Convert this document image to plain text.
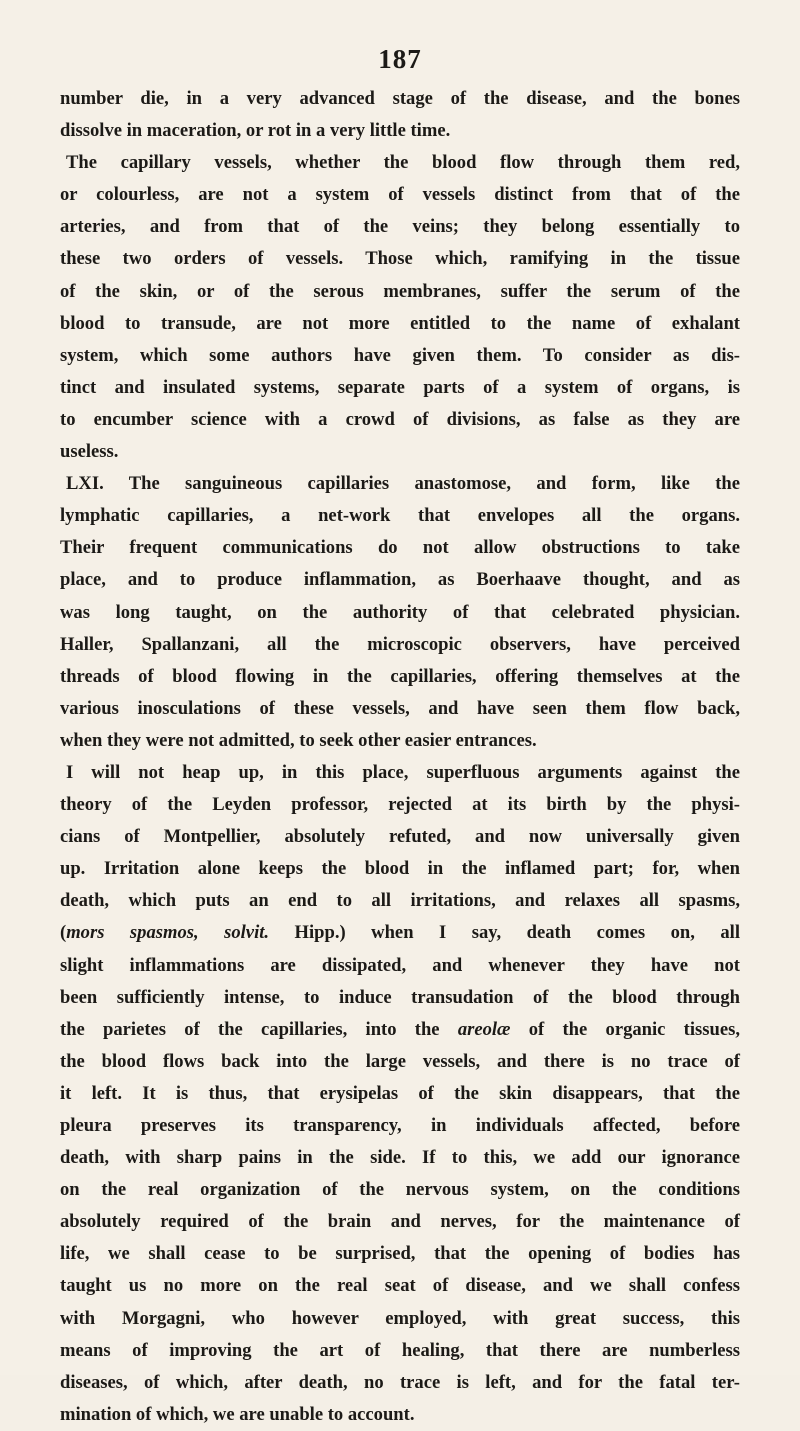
187
number die, in a very advanced stage of the disease, and the bones
dissolve in maceration, or rot in a very little time.
The capillary vessels, whether the blood flow through them red,
or colourless, are not a system of vessels distinct from that of the
arteries, and from that of the veins; they belong essentially to
these two orders of vessels. Those which, ramifying in the tissue
of the skin, or of the serous membranes, suffer the serum of the
blood to transude, are not more entitled to the name of exhalant
system, which some authors have given them. To consider as dis-
tinct and insulated systems, separate parts of a system of organs, is
to encumber science with a crowd of divisions, as false as they are
useless.
LXI. The sanguineous capillaries anastomose, and form, like the
lymphatic capillaries, a net-work that envelopes all the organs.
Their frequent communications do not allow obstructions to take
place, and to produce inflammation, as Boerhaave thought, and as
was long taught, on the authority of that celebrated physician.
Haller, Spallanzani, all the microscopic observers, have perceived
threads of blood flowing in the capillaries, offering themselves at the
various inosculations of these vessels, and have seen them flow back,
when they were not admitted, to seek other easier entrances.
I will not heap up, in this place, superfluous arguments against the
theory of the Leyden professor, rejected at its birth by the physi-
cians of Montpellier, absolutely refuted, and now universally given
up. Irritation alone keeps the blood in the inflamed part; for, when
death, which puts an end to all irritations, and relaxes all spasms,
(mors spasmos, solvit. Hipp.) when I say, death comes on, all
slight inflammations are dissipated, and whenever they have not
been sufficiently intense, to induce transudation of the blood through
the parietes of the capillaries, into the areolæ of the organic tissues,
the blood flows back into the large vessels, and there is no trace of
it left. It is thus, that erysipelas of the skin disappears, that the
pleura preserves its transparency, in individuals affected, before
death, with sharp pains in the side. If to this, we add our ignorance
on the real organization of the nervous system, on the conditions
absolutely required of the brain and nerves, for the maintenance of
life, we shall cease to be surprised, that the opening of bodies has
taught us no more on the real seat of disease, and we shall confess
with Morgagni, who however employed, with great success, this
means of improving the art of healing, that there are numberless
diseases, of which, after death, no trace is left, and for the fatal ter-
mination of which, we are unable to account.
